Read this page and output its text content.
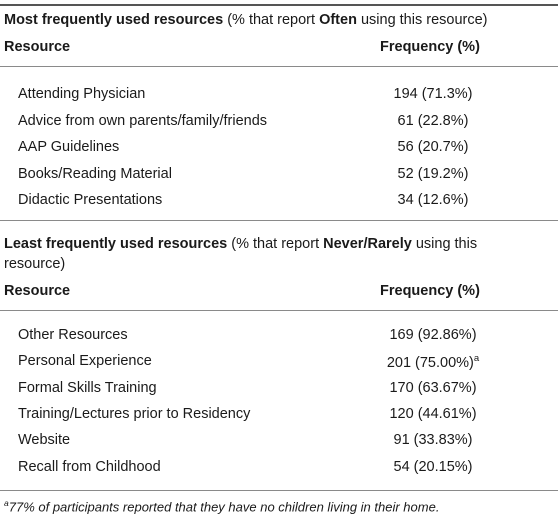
Most frequently used resources (% that report Often using this resource)
Resource	Frequency (%)
Attending Physician	194 (71.3%)
Advice from own parents/family/friends	61 (22.8%)
AAP Guidelines	56 (20.7%)
Books/Reading Material	52 (19.2%)
Didactic Presentations	34 (12.6%)
Least frequently used resources (% that report Never/Rarely using this resource)
Resource	Frequency (%)
Other Resources	169 (92.86%)
Personal Experience	201 $(75.00\%)^a$
Formal Skills Training	170 (63.67%)
Training/Lectures prior to Residency	120 (44.61%)
Website	91 (33.83%)
Recall from Childhood	54 (20.15%)
$^a$77% of participants reported that they have no children living in their home.
